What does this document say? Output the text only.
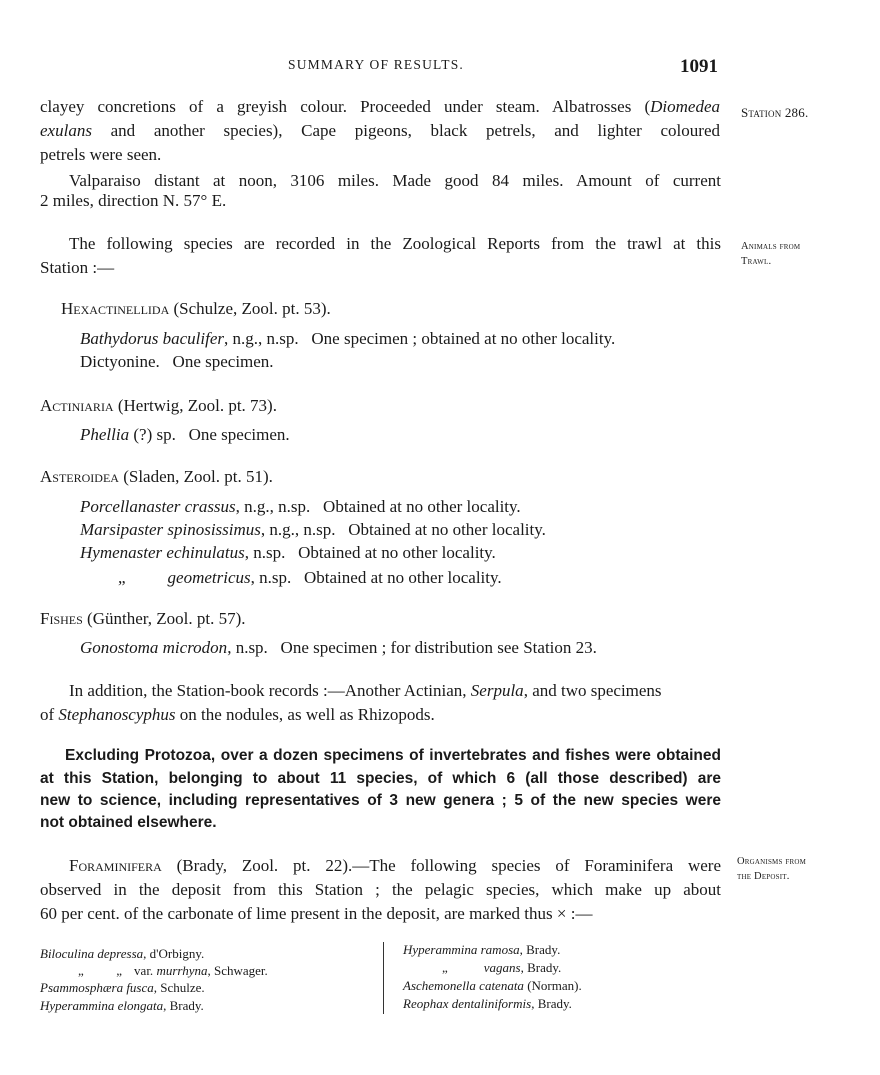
SUMMARY OF RESULTS.	1091
Station 286.
Animals from
Trawl.
Organisms from
the Deposit.
clayey concretions of a greyish colour. Proceeded under steam. Albatrosses (Diomedea
exulans and another species), Cape pigeons, black petrels, and lighter coloured
petrels were seen.
Valparaiso distant at noon, 3106 miles. Made good 84 miles. Amount of current
2 miles, direction N. 57° E.
The following species are recorded in the Zoological Reports from the trawl at this
Station :—
Hexactinellida (Schulze, Zool. pt. 53).
Bathydorus baculifer, n.g., n.sp.   One specimen ; obtained at no other locality.
Dictyonine.   One specimen.
Actiniaria (Hertwig, Zool. pt. 73).
Phellia (?) sp.   One specimen.
Asteroidea (Sladen, Zool. pt. 51).
Porcellanaster crassus, n.g., n.sp.   Obtained at no other locality.
Marsipaster spinosissimus, n.g., n.sp.   Obtained at no other locality.
Hymenaster echinulatus, n.sp.   Obtained at no other locality.
„ geometricus, n.sp.   Obtained at no other locality.
Fishes (Günther, Zool. pt. 57).
Gonostoma microdon, n.sp.   One specimen ; for distribution see Station 23.
In addition, the Station-book records :—Another Actinian, Serpula, and two specimens
of Stephanoscyphus on the nodules, as well as Rhizopods.
Excluding Protozoa, over a dozen specimens of invertebrates and fishes were obtained
at this Station, belonging to about 11 species, of which 6 (all those described) are
new to science, including representatives of 3 new genera ; 5 of the new species were
not obtained elsewhere.
Foraminifera (Brady, Zool. pt. 22).—The following species of Foraminifera were
observed in the deposit from this Station ; the pelagic species, which make up about
60 per cent. of the carbonate of lime present in the deposit, are marked thus × :—
Biloculina depressa, d'Orbigny.
„          „ var. murrhyna, Schwager.
Psammosphæra fusca, Schulze.
Hyperammina elongata, Brady.
Hyperammina ramosa, Brady.
„	vagans, Brady.
Aschemonella catenata (Norman).
Reophax dentaliniformis, Brady.
